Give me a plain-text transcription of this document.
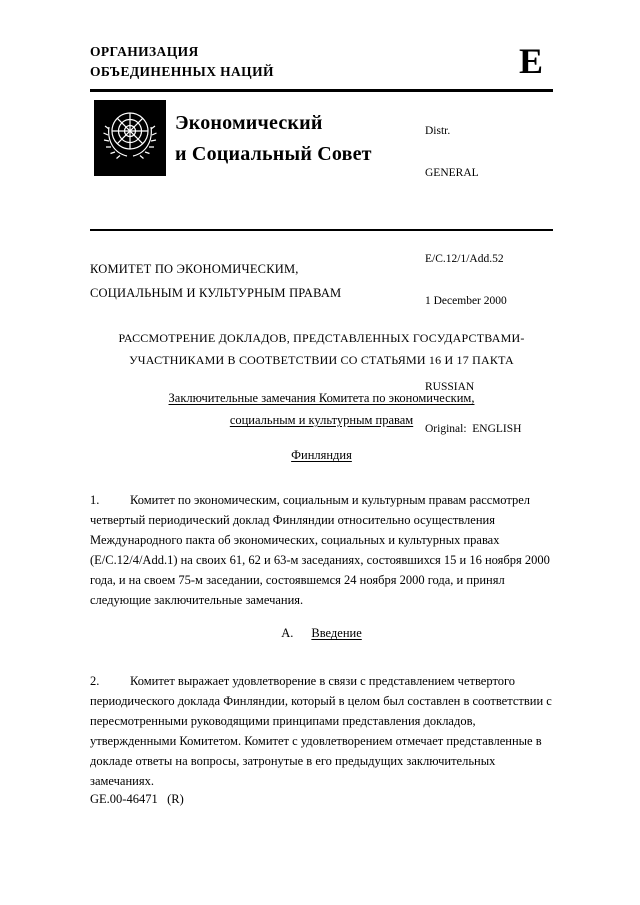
ОРГАНИЗАЦИЯ
ОБЪЕДИНЕННЫХ НАЦИЙ	E
Экономический
и Социальный Совет

Distr.

GENERAL

E/C.12/1/Add.52

1 December 2000

RUSSIAN

Original:  ENGLISH

КОМИТЕТ ПО ЭКОНОМИЧЕСКИМ,
СОЦИАЛЬНЫМ И КУЛЬТУРНЫМ ПРАВАМ
РАССМОТРЕНИЕ ДОКЛАДОВ, ПРЕДСТАВЛЕННЫХ ГОСУДАРСТВАМИ-
УЧАСТНИКАМИ В СООТВЕТСТВИИ СО СТАТЬЯМИ 16 И 17 ПАКТА
Заключительные замечания Комитета по экономическим,
социальным и культурным правам
Финляндия
1. Комитет по экономическим, социальным и культурным правам рассмотрел четвертый периодический доклад Финляндии относительно осуществления Международного пакта об экономических, социальных и культурных правах (E/C.12/4/Add.1) на своих 61, 62 и 63-м заседаниях, состоявшихся 15 и 16 ноября 2000 года, и на своем 75-м заседании, состоявшемся 24 ноября 2000 года, и принял следующие заключительные замечания.
A. Введение
2. Комитет выражает удовлетворение в связи с представлением четвертого периодического доклада Финляндии, который в целом был составлен в соответствии с пересмотренными руководящими принципами представления докладов, утвержденными Комитетом. Комитет с удовлетворением отмечает представленные в докладе ответы на вопросы, затронутые в его предыдущих заключительных замечаниях.
GE.00-46471   (R)
